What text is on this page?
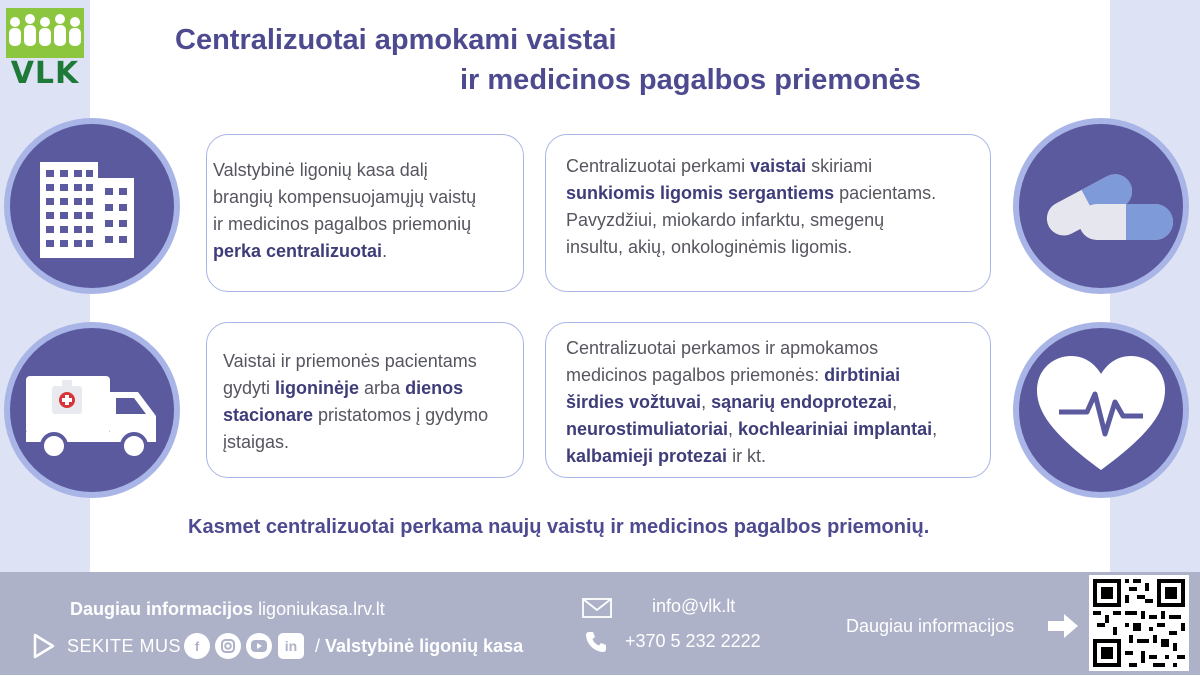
VLK
Centralizuotai apmokami vaistai
ir medicinos pagalbos priemonės
Valstybinė ligonių kasa dalį
brangių kompensuojamųjų vaistų
ir medicinos pagalbos priemonių
perka centralizuotai.
Centralizuotai perkami vaistai skiriami
sunkiomis ligomis sergantiems pacientams.
Pavyzdžiui, miokardo infarktu, smegenų
insultu, akių, onkologinėmis ligomis.
Vaistai ir priemonės pacientams
gydyti ligoninėje arba dienos
stacionare pristatomos į gydymo
įstaigas.
Centralizuotai perkamos ir apmokamos
medicinos pagalbos priemonės: dirbtiniai
širdies vožtuvai, sąnarių endoprotezai,
neurostimuliatoriai, kochleariniai implantai,
kalbamieji protezai ir kt.
Kasmet centralizuotai perkama naujų vaistų ir medicinos pagalbos priemonių.
Daugiau informacijos ligoniukasa.lrv.lt
SEKITE MUS	f	in / Valstybinė ligonių kasa
info@vlk.lt
+370 5 232 2222
Daugiau informacijos
